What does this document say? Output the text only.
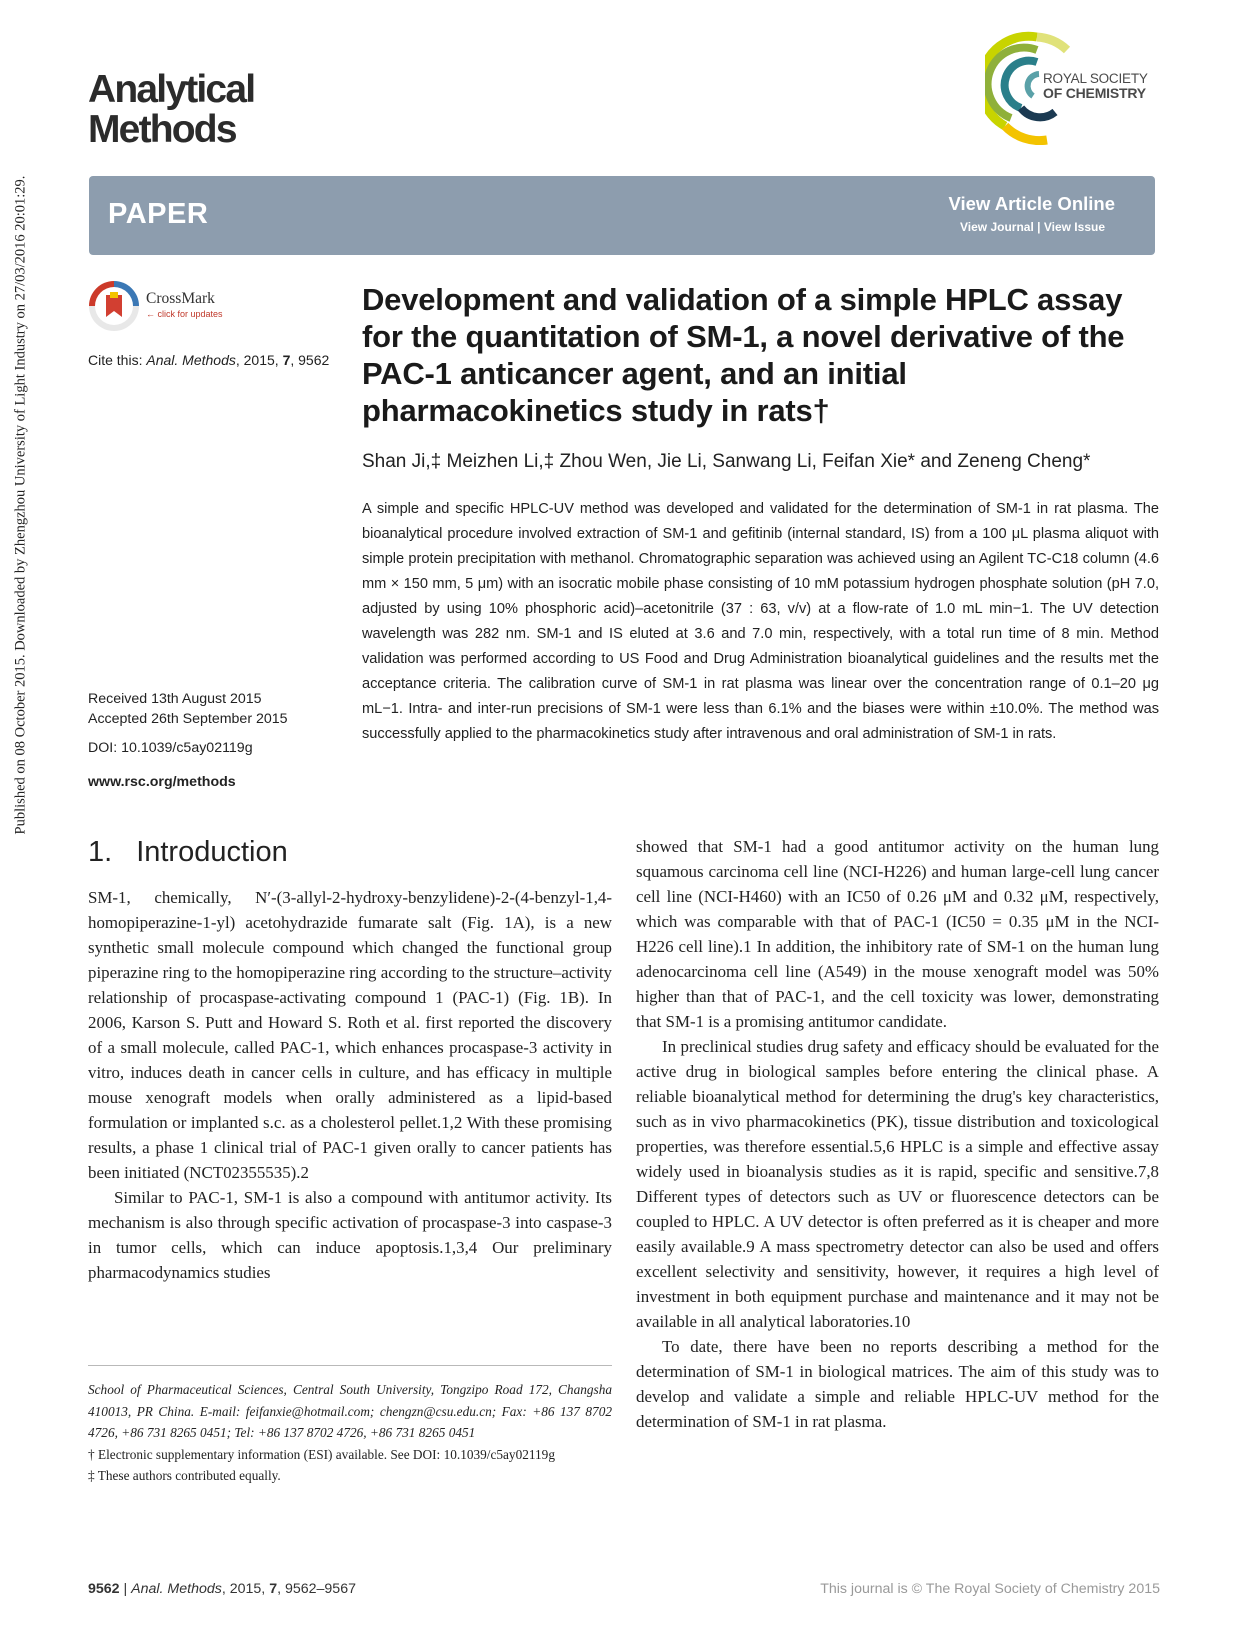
Published on 08 October 2015. Downloaded by Zhengzhou University of Light Industry on 27/03/2016 20:01:29.
Analytical
Methods
ROYAL SOCIETY
OF CHEMISTRY
PAPER	View Article Online
View Journal | View Issue
CrossMark
← click for updates
Cite this: Anal. Methods, 2015, 7, 9562
Development and validation of a simple HPLC assay for the quantitation of SM-1, a novel derivative of the PAC-1 anticancer agent, and an initial pharmacokinetics study in rats†
Shan Ji,‡ Meizhen Li,‡ Zhou Wen, Jie Li, Sanwang Li, Feifan Xie* and Zeneng Cheng*
A simple and specific HPLC-UV method was developed and validated for the determination of SM-1 in rat plasma. The bioanalytical procedure involved extraction of SM-1 and gefitinib (internal standard, IS) from a 100 μL plasma aliquot with simple protein precipitation with methanol. Chromatographic separation was achieved using an Agilent TC-C18 column (4.6 mm × 150 mm, 5 μm) with an isocratic mobile phase consisting of 10 mM potassium hydrogen phosphate solution (pH 7.0, adjusted by using 10% phosphoric acid)–acetonitrile (37 : 63, v/v) at a flow-rate of 1.0 mL min−1. The UV detection wavelength was 282 nm. SM-1 and IS eluted at 3.6 and 7.0 min, respectively, with a total run time of 8 min. Method validation was performed according to US Food and Drug Administration bioanalytical guidelines and the results met the acceptance criteria. The calibration curve of SM-1 in rat plasma was linear over the concentration range of 0.1–20 μg mL−1. Intra- and inter-run precisions of SM-1 were less than 6.1% and the biases were within ±10.0%. The method was successfully applied to the pharmacokinetics study after intravenous and oral administration of SM-1 in rats.
Received 13th August 2015
Accepted 26th September 2015
DOI: 10.1039/c5ay02119g
www.rsc.org/methods
1. Introduction

SM-1, chemically, N′-(3-allyl-2-hydroxy-benzylidene)-2-(4-benzyl-1,4-homopiperazine-1-yl) acetohydrazide fumarate salt (Fig. 1A), is a new synthetic small molecule compound which changed the functional group piperazine ring to the homopiperazine ring according to the structure–activity relationship of procaspase-activating compound 1 (PAC-1) (Fig. 1B). In 2006, Karson S. Putt and Howard S. Roth et al. first reported the discovery of a small molecule, called PAC-1, which enhances procaspase-3 activity in vitro, induces death in cancer cells in culture, and has efficacy in multiple mouse xenograft models when orally administered as a lipid-based formulation or implanted s.c. as a cholesterol pellet.1,2 With these promising results, a phase 1 clinical trial of PAC-1 given orally to cancer patients has been initiated (NCT02355535).2

Similar to PAC-1, SM-1 is also a compound with antitumor activity. Its mechanism is also through specific activation of procaspase-3 into caspase-3 in tumor cells, which can induce apoptosis.1,3,4 Our preliminary pharmacodynamics studies

showed that SM-1 had a good antitumor activity on the human lung squamous carcinoma cell line (NCI-H226) and human large-cell lung cancer cell line (NCI-H460) with an IC50 of 0.26 μM and 0.32 μM, respectively, which was comparable with that of PAC-1 (IC50 = 0.35 μM in the NCI-H226 cell line).1 In addition, the inhibitory rate of SM-1 on the human lung adenocarcinoma cell line (A549) in the mouse xenograft model was 50% higher than that of PAC-1, and the cell toxicity was lower, demonstrating that SM-1 is a promising antitumor candidate.

In preclinical studies drug safety and efficacy should be evaluated for the active drug in biological samples before entering the clinical phase. A reliable bioanalytical method for determining the drug's key characteristics, such as in vivo pharmacokinetics (PK), tissue distribution and toxicological properties, was therefore essential.5,6 HPLC is a simple and effective assay widely used in bioanalysis studies as it is rapid, specific and sensitive.7,8 Different types of detectors such as UV or fluorescence detectors can be coupled to HPLC. A UV detector is often preferred as it is cheaper and more easily available.9 A mass spectrometry detector can also be used and offers excellent selectivity and sensitivity, however, it requires a high level of investment in both equipment purchase and maintenance and it may not be available in all analytical laboratories.10

To date, there have been no reports describing a method for the determination of SM-1 in biological matrices. The aim of this study was to develop and validate a simple and reliable HPLC-UV method for the determination of SM-1 in rat plasma.

School of Pharmaceutical Sciences, Central South University, Tongzipo Road 172, Changsha 410013, PR China. E-mail: feifanxie@hotmail.com; chengzn@csu.edu.cn; Fax: +86 137 8702 4726, +86 731 8265 0451; Tel: +86 137 8702 4726, +86 731 8265 0451

† Electronic supplementary information (ESI) available. See DOI: 10.1039/c5ay02119g

‡ These authors contributed equally.

9562 | Anal. Methods, 2015, 7, 9562–9567	This journal is © The Royal Society of Chemistry 2015
